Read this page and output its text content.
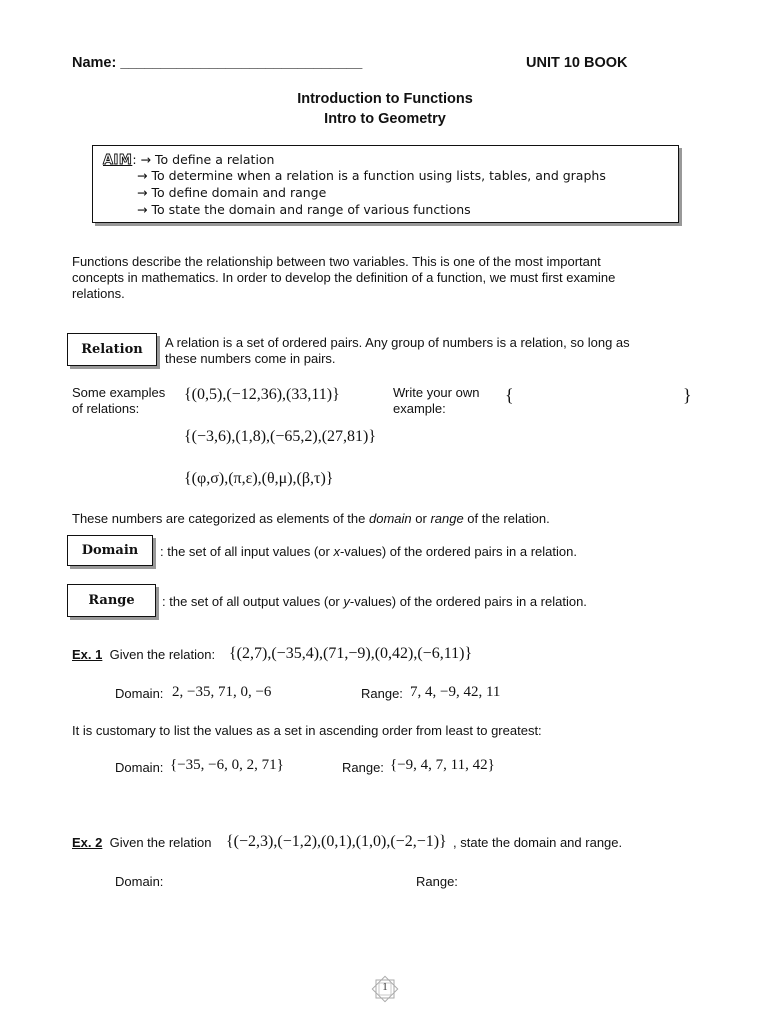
Name: ______________________________	UNIT 10 BOOK
Introduction to Functions
Intro to Geometry
AIM: → To define a relation
→ To determine when a relation is a function using lists, tables, and graphs
→ To define domain and range
→ To state the domain and range of various functions
Functions describe the relationship between two variables. This is one of the most important
concepts in mathematics. In order to develop the definition of a function, we must first examine
relations.
Relation	A relation is a set of ordered pairs. Any group of numbers is a relation, so long as
these numbers come in pairs.
Some examples
of relations:
{(0,5),(−12,36),(33,11)}
{(−3,6),(1,8),(−65,2),(27,81)}
{(φ,σ),(π,ε),(θ,μ),(β,τ)}
Write your own
example:
{	}
These numbers are categorized as elements of the domain or range of the relation.
Domain	: the set of all input values (or x-values) of the ordered pairs in a relation.
Range	: the set of all output values (or y-values) of the ordered pairs in a relation.
Ex. 1 Given the relation: {(2,7),(−35,4),(71,−9),(0,42),(−6,11)}
Domain: 2, −35, 71, 0, −6	Range: 7, 4, −9, 42, 11
It is customary to list the values as a set in ascending order from least to greatest:
Domain: {−35, −6, 0, 2, 71}	Range: {−9, 4, 7, 11, 42}
Ex. 2 Given the relation {(−2,3),(−1,2),(0,1),(1,0),(−2,−1)} , state the domain and range.
Domain:	Range:
1
